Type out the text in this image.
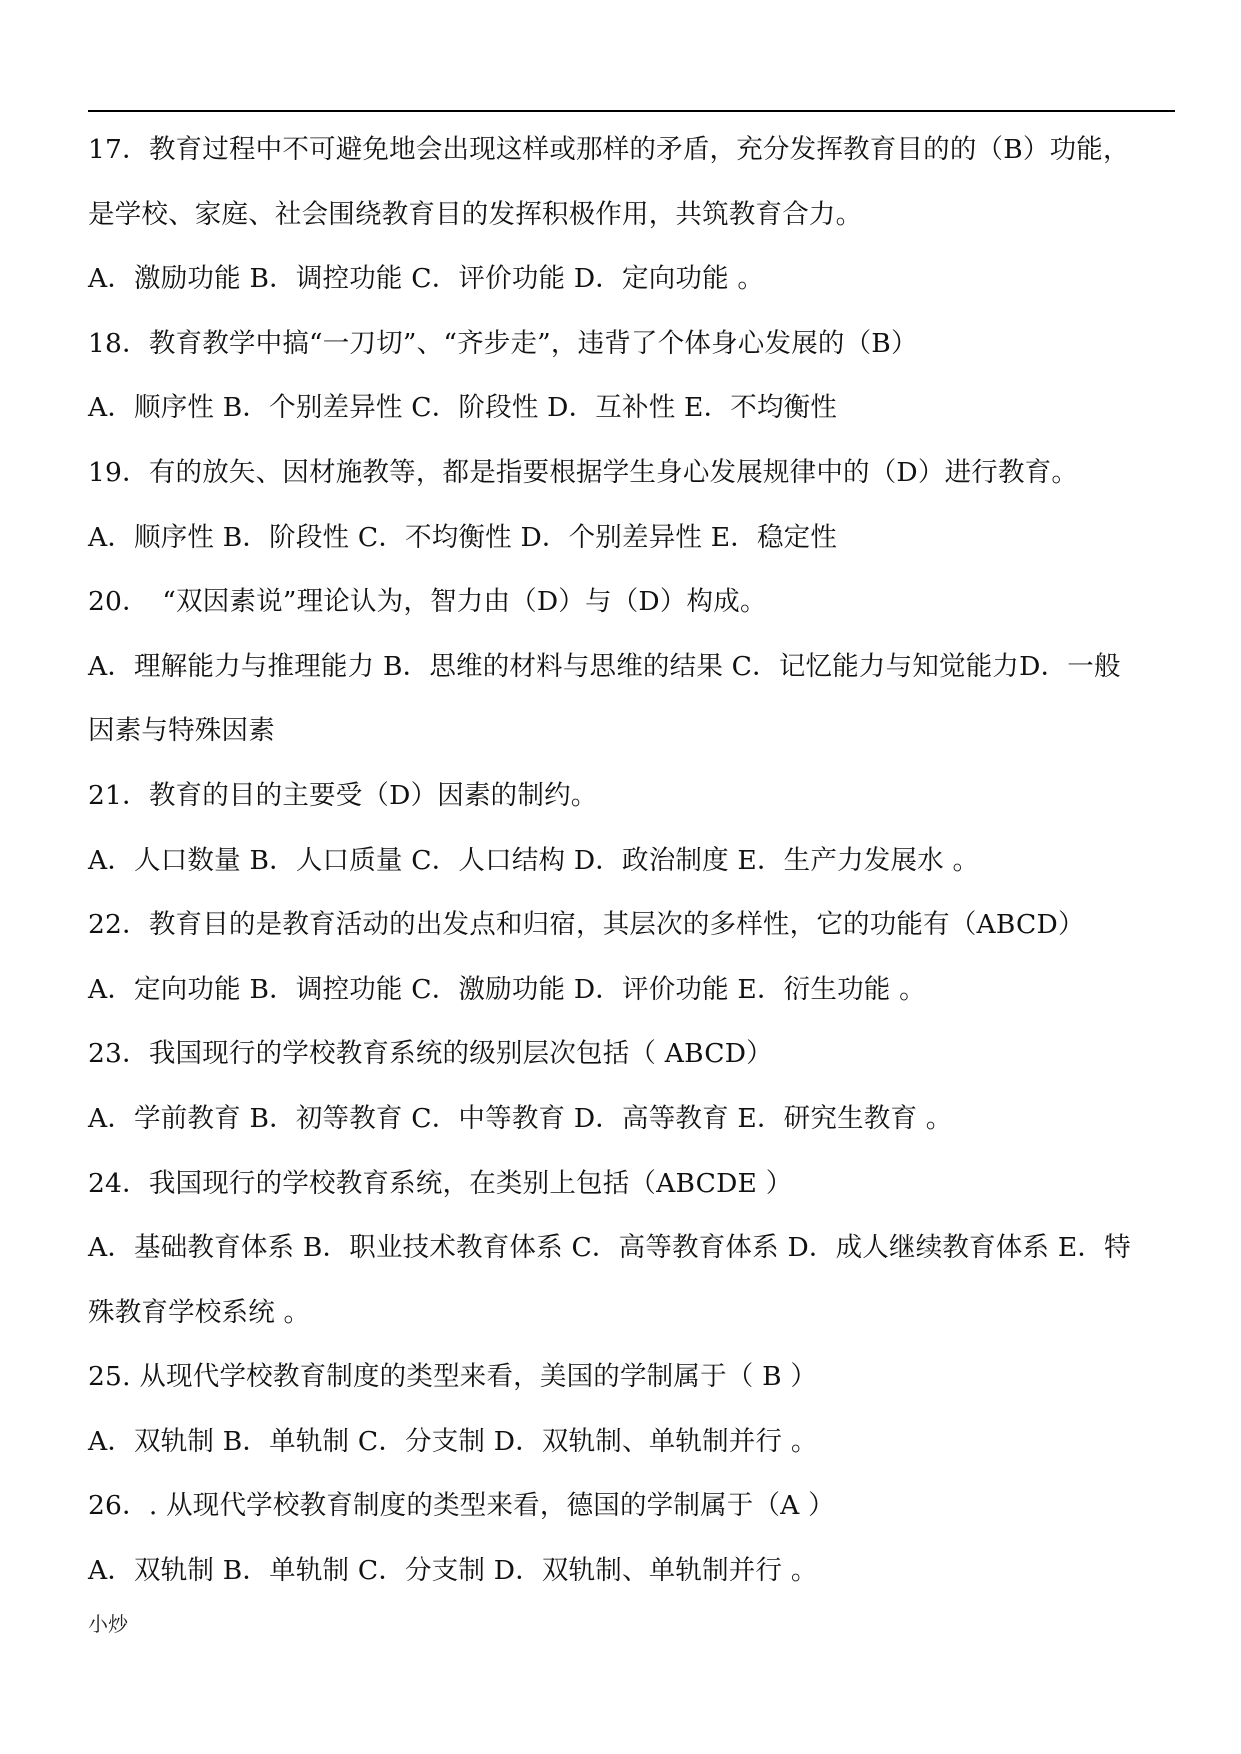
17．教育过程中不可避免地会出现这样或那样的矛盾，充分发挥教育目的的（B）功能，
是学校、家庭、社会围绕教育目的发挥积极作用，共筑教育合力。
A．激励功能 B．调控功能 C．评价功能 D．定向功能 。
18．教育教学中搞“一刀切”、“齐步走”，违背了个体身心发展的（B）
A．顺序性 B．个别差异性 C．阶段性 D．互补性 E．不均衡性
19．有的放矢、因材施教等，都是指要根据学生身心发展规律中的（D）进行教育。
A．顺序性 B．阶段性 C．不均衡性 D．个别差异性 E．稳定性
20．　“双因素说”理论认为，智力由（D）与（D）构成。
A．理解能力与推理能力 B．思维的材料与思维的结果 C．记忆能力与知觉能力D．一般
因素与特殊因素
21．教育的目的主要受（D）因素的制约。
A．人口数量 B．人口质量 C．人口结构 D．政治制度 E．生产力发展水 。
22．教育目的是教育活动的出发点和归宿，其层次的多样性，它的功能有（ABCD）
A．定向功能 B．调控功能 C．激励功能 D．评价功能 E．衍生功能 。
23．我国现行的学校教育系统的级别层次包括（ ABCD）
A．学前教育 B．初等教育 C．中等教育 D．高等教育 E．研究生教育 。
24．我国现行的学校教育系统，在类别上包括（ABCDE ）
A．基础教育体系 B．职业技术教育体系 C．高等教育体系 D．成人继续教育体系 E．特
殊教育学校系统 。
25. 从现代学校教育制度的类型来看，美国的学制属于（ B ）
A．双轨制 B．单轨制 C．分支制 D．双轨制、单轨制并行 。
26．. 从现代学校教育制度的类型来看，德国的学制属于（A ）
A．双轨制 B．单轨制 C．分支制 D．双轨制、单轨制并行 。
小炒
